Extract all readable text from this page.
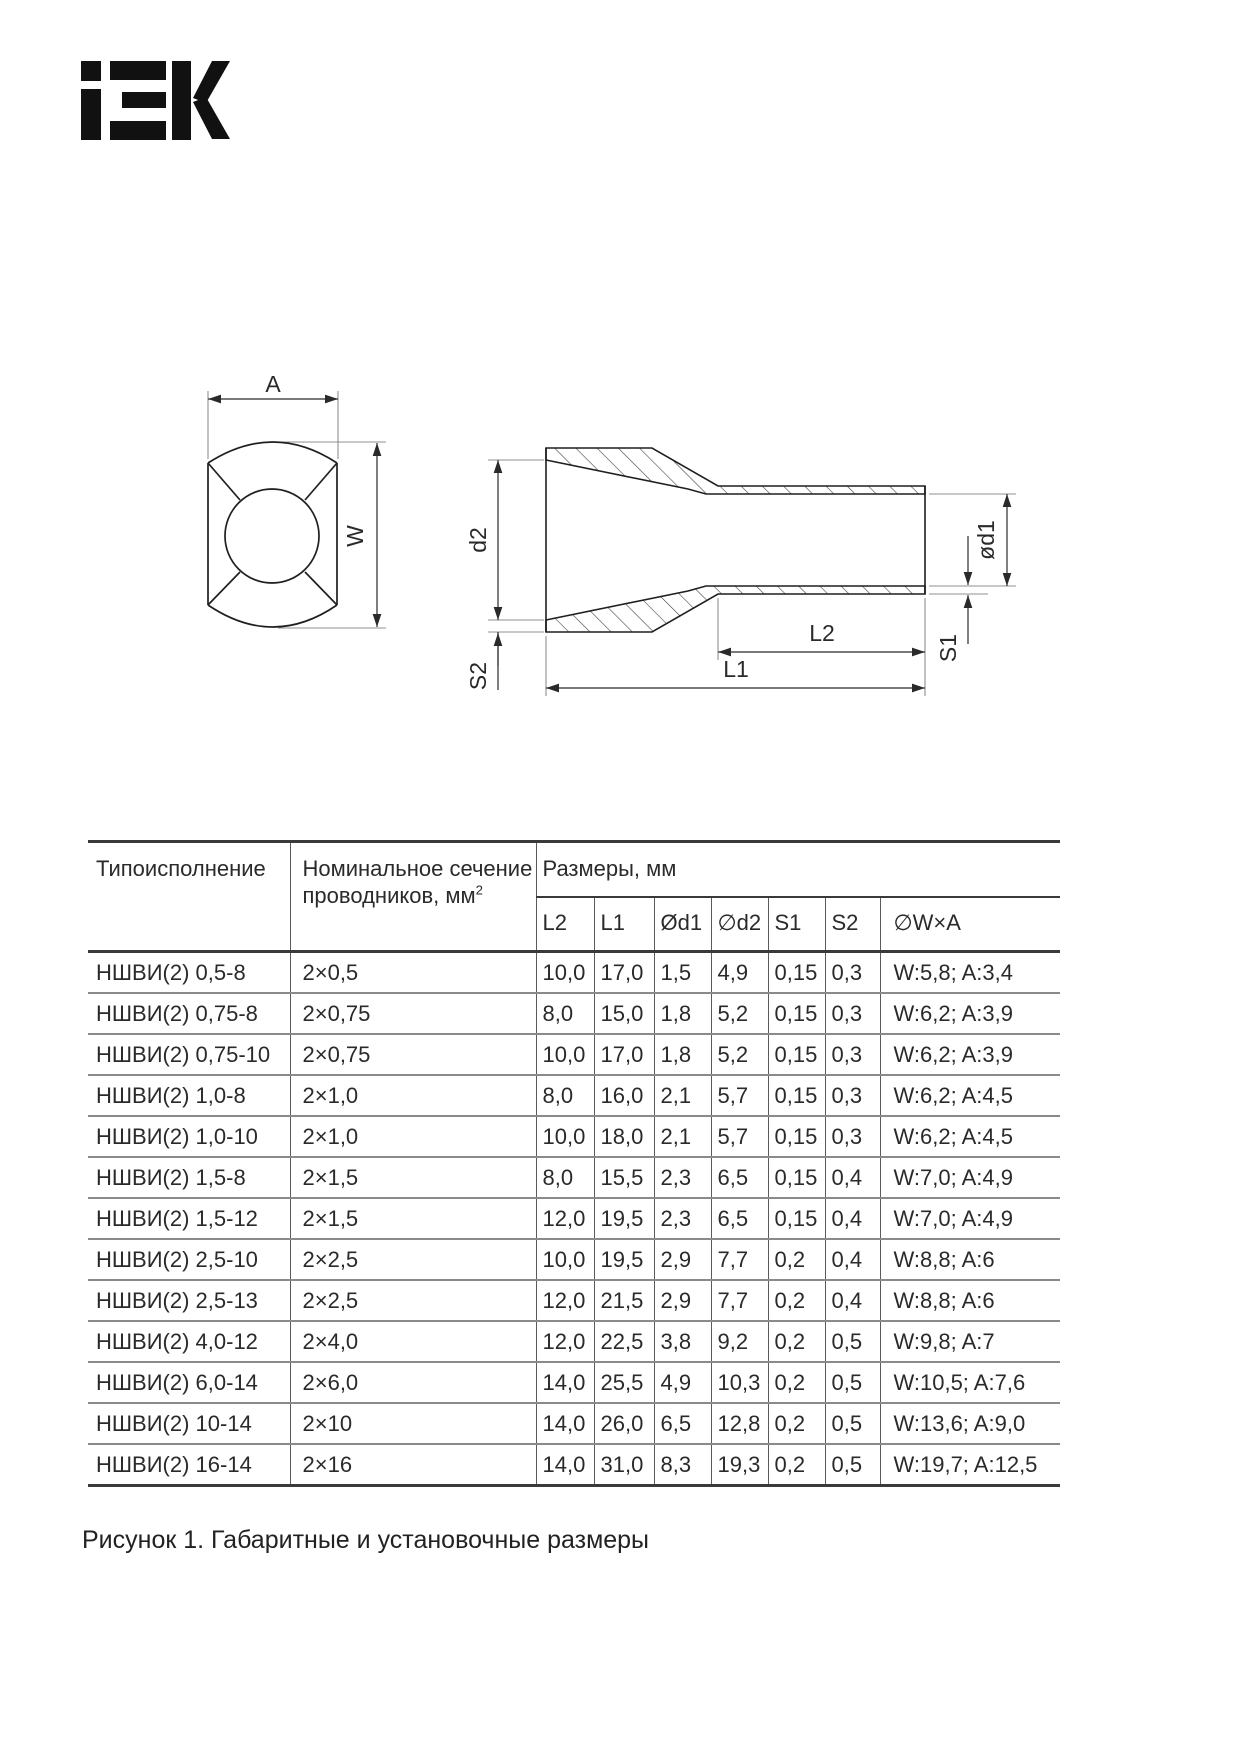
A
W	d2
S2
L2
L1
ød1
S1
Типоисполнение	Номинальное сечение
проводников, $мм^2$	Размеры, мм						
		L2	L1	Ød1	∅d2	S1	S2	∅W×A
НШВИ(2) 0,5-8	2×0,5	10,0	17,0	1,5	4,9	0,15	0,3	W:5,8; A:3,4
НШВИ(2) 0,75-8	2×0,75	8,0	15,0	1,8	5,2	0,15	0,3	W:6,2; A:3,9
НШВИ(2) 0,75-10	2×0,75	10,0	17,0	1,8	5,2	0,15	0,3	W:6,2; A:3,9
НШВИ(2) 1,0-8	2×1,0	8,0	16,0	2,1	5,7	0,15	0,3	W:6,2; A:4,5
НШВИ(2) 1,0-10	2×1,0	10,0	18,0	2,1	5,7	0,15	0,3	W:6,2; A:4,5
НШВИ(2) 1,5-8	2×1,5	8,0	15,5	2,3	6,5	0,15	0,4	W:7,0; A:4,9
НШВИ(2) 1,5-12	2×1,5	12,0	19,5	2,3	6,5	0,15	0,4	W:7,0; A:4,9
НШВИ(2) 2,5-10	2×2,5	10,0	19,5	2,9	7,7	0,2	0,4	W:8,8; A:6
НШВИ(2) 2,5-13	2×2,5	12,0	21,5	2,9	7,7	0,2	0,4	W:8,8; A:6
НШВИ(2) 4,0-12	2×4,0	12,0	22,5	3,8	9,2	0,2	0,5	W:9,8; A:7
НШВИ(2) 6,0-14	2×6,0	14,0	25,5	4,9	10,3	0,2	0,5	W:10,5; A:7,6
НШВИ(2) 10-14	2×10	14,0	26,0	6,5	12,8	0,2	0,5	W:13,6; A:9,0
НШВИ(2) 16-14	2×16	14,0	31,0	8,3	19,3	0,2	0,5	W:19,7; A:12,5
Рисунок 1. Габаритные и установочные размеры
